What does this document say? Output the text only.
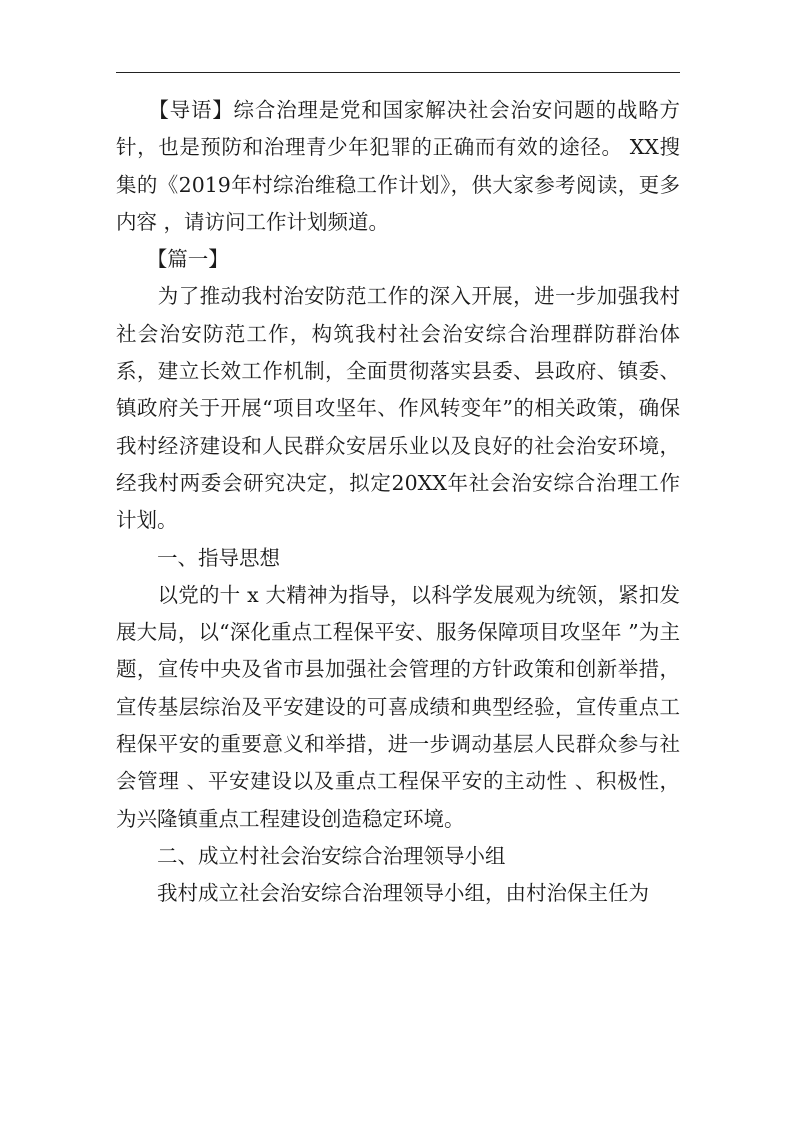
　　【导语】综合治理是党和国家解决社会治安问题的战略方针，也是预防和治理青少年犯罪的正确而有效的途径。 XX搜集的《2019年村综治维稳工作计划》，供大家参考阅读，更多内容 ，请访问工作计划频道。

　　【篇一】

　　为了推动我村治安防范工作的深入开展，进一步加强我村社会治安防范工作，构筑我村社会治安综合治理群防群治体系，建立长效工作机制，全面贯彻落实县委、县政府、镇委、镇政府关于开展“项目攻坚年、作风转变年”的相关政策，确保我村经济建设和人民群众安居乐业以及良好的社会治安环境，经我村两委会研究决定，拟定20XX年社会治安综合治理工作计划。

　　一、指导思想

　　以党的十 x 大精神为指导，以科学发展观为统领，紧扣发展大局，以“深化重点工程保平安、服务保障项目攻坚年 ”为主题，宣传中央及省市县加强社会管理的方针政策和创新举措，宣传基层综治及平安建设的可喜成绩和典型经验，宣传重点工程保平安的重要意义和举措，进一步调动基层人民群众参与社会管理 、平安建设以及重点工程保平安的主动性 、积极性，为兴隆镇重点工程建设创造稳定环境。

　　二、成立村社会治安综合治理领导小组

　　我村成立社会治安综合治理领导小组，由村治保主任为
